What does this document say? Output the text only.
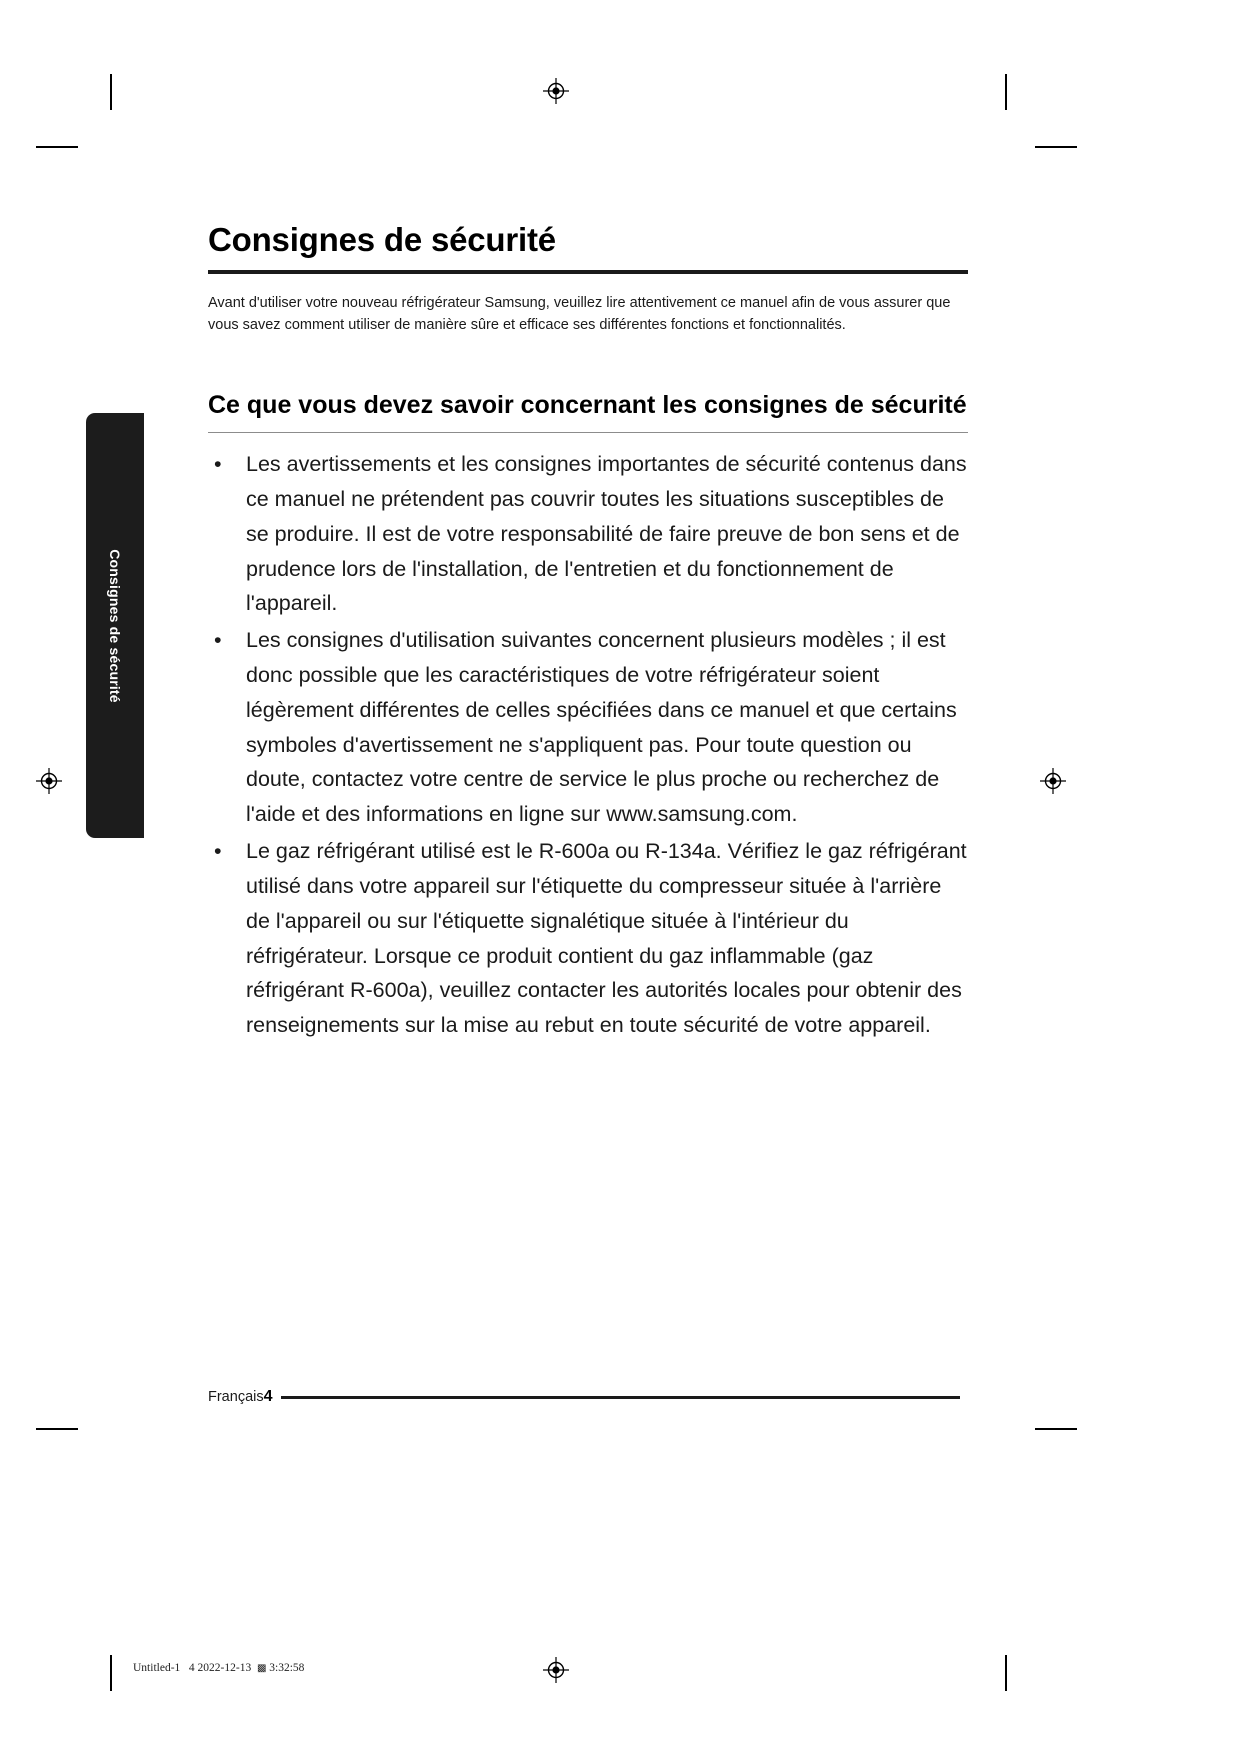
Consignes de sécurité
Consignes de sécurité

Avant d'utiliser votre nouveau réfrigérateur Samsung, veuillez lire attentivement ce manuel afin de vous assurer que vous savez comment utiliser de manière sûre et efficace ses différentes fonctions et fonctionnalités.

Ce que vous devez savoir concernant les consignes de sécurité
• Les avertissements et les consignes importantes de sécurité contenus dans ce manuel ne prétendent pas couvrir toutes les situations susceptibles de se produire. Il est de votre responsabilité de faire preuve de bon sens et de prudence lors de l'installation, de l'entretien et du fonctionnement de l'appareil.
• Les consignes d'utilisation suivantes concernent plusieurs modèles ; il est donc possible que les caractéristiques de votre réfrigérateur soient légèrement différentes de celles spécifiées dans ce manuel et que certains symboles d'avertissement ne s'appliquent pas. Pour toute question ou doute, contactez votre centre de service le plus proche ou recherchez de l'aide et des informations en ligne sur www.samsung.com.
• Le gaz réfrigérant utilisé est le R-600a ou R-134a. Vérifiez le gaz réfrigérant utilisé dans votre appareil sur l'étiquette du compresseur située à l'arrière de l'appareil ou sur l'étiquette signalétique située à l'intérieur du réfrigérateur. Lorsque ce produit contient du gaz inflammable (gaz réfrigérant R-600a), veuillez contacter les autorités locales pour obtenir des renseignements sur la mise au rebut en toute sécurité de votre appareil.
Français 4
Untitled-1 4 2022-12-13 ▩ 3:32:58
